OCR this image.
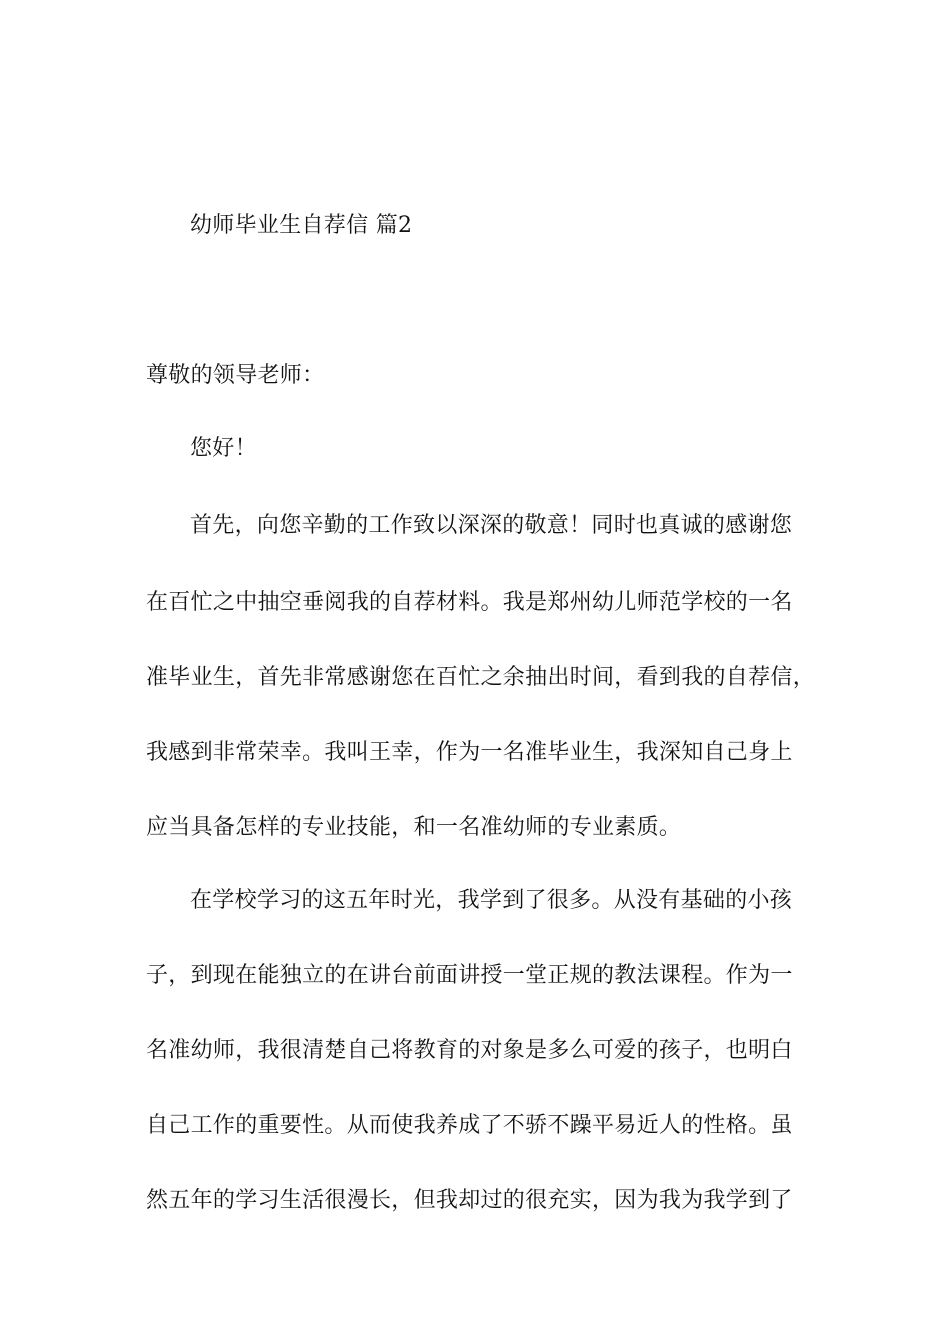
幼师毕业生自荐信 篇2
尊敬的领导老师：
您好！
首先，向您辛勤的工作致以深深的敬意！同时也真诚的感谢您
在百忙之中抽空垂阅我的自荐材料。我是郑州幼儿师范学校的一名
准毕业生，首先非常感谢您在百忙之余抽出时间，看到我的自荐信，
我感到非常荣幸。我叫王幸，作为一名准毕业生，我深知自己身上
应当具备怎样的专业技能，和一名准幼师的专业素质。
在学校学习的这五年时光，我学到了很多。从没有基础的小孩
子，到现在能独立的在讲台前面讲授一堂正规的教法课程。作为一
名准幼师，我很清楚自己将教育的对象是多么可爱的孩子，也明白
自己工作的重要性。从而使我养成了不骄不躁平易近人的性格。虽
然五年的学习生活很漫长，但我却过的很充实，因为我为我学到了
